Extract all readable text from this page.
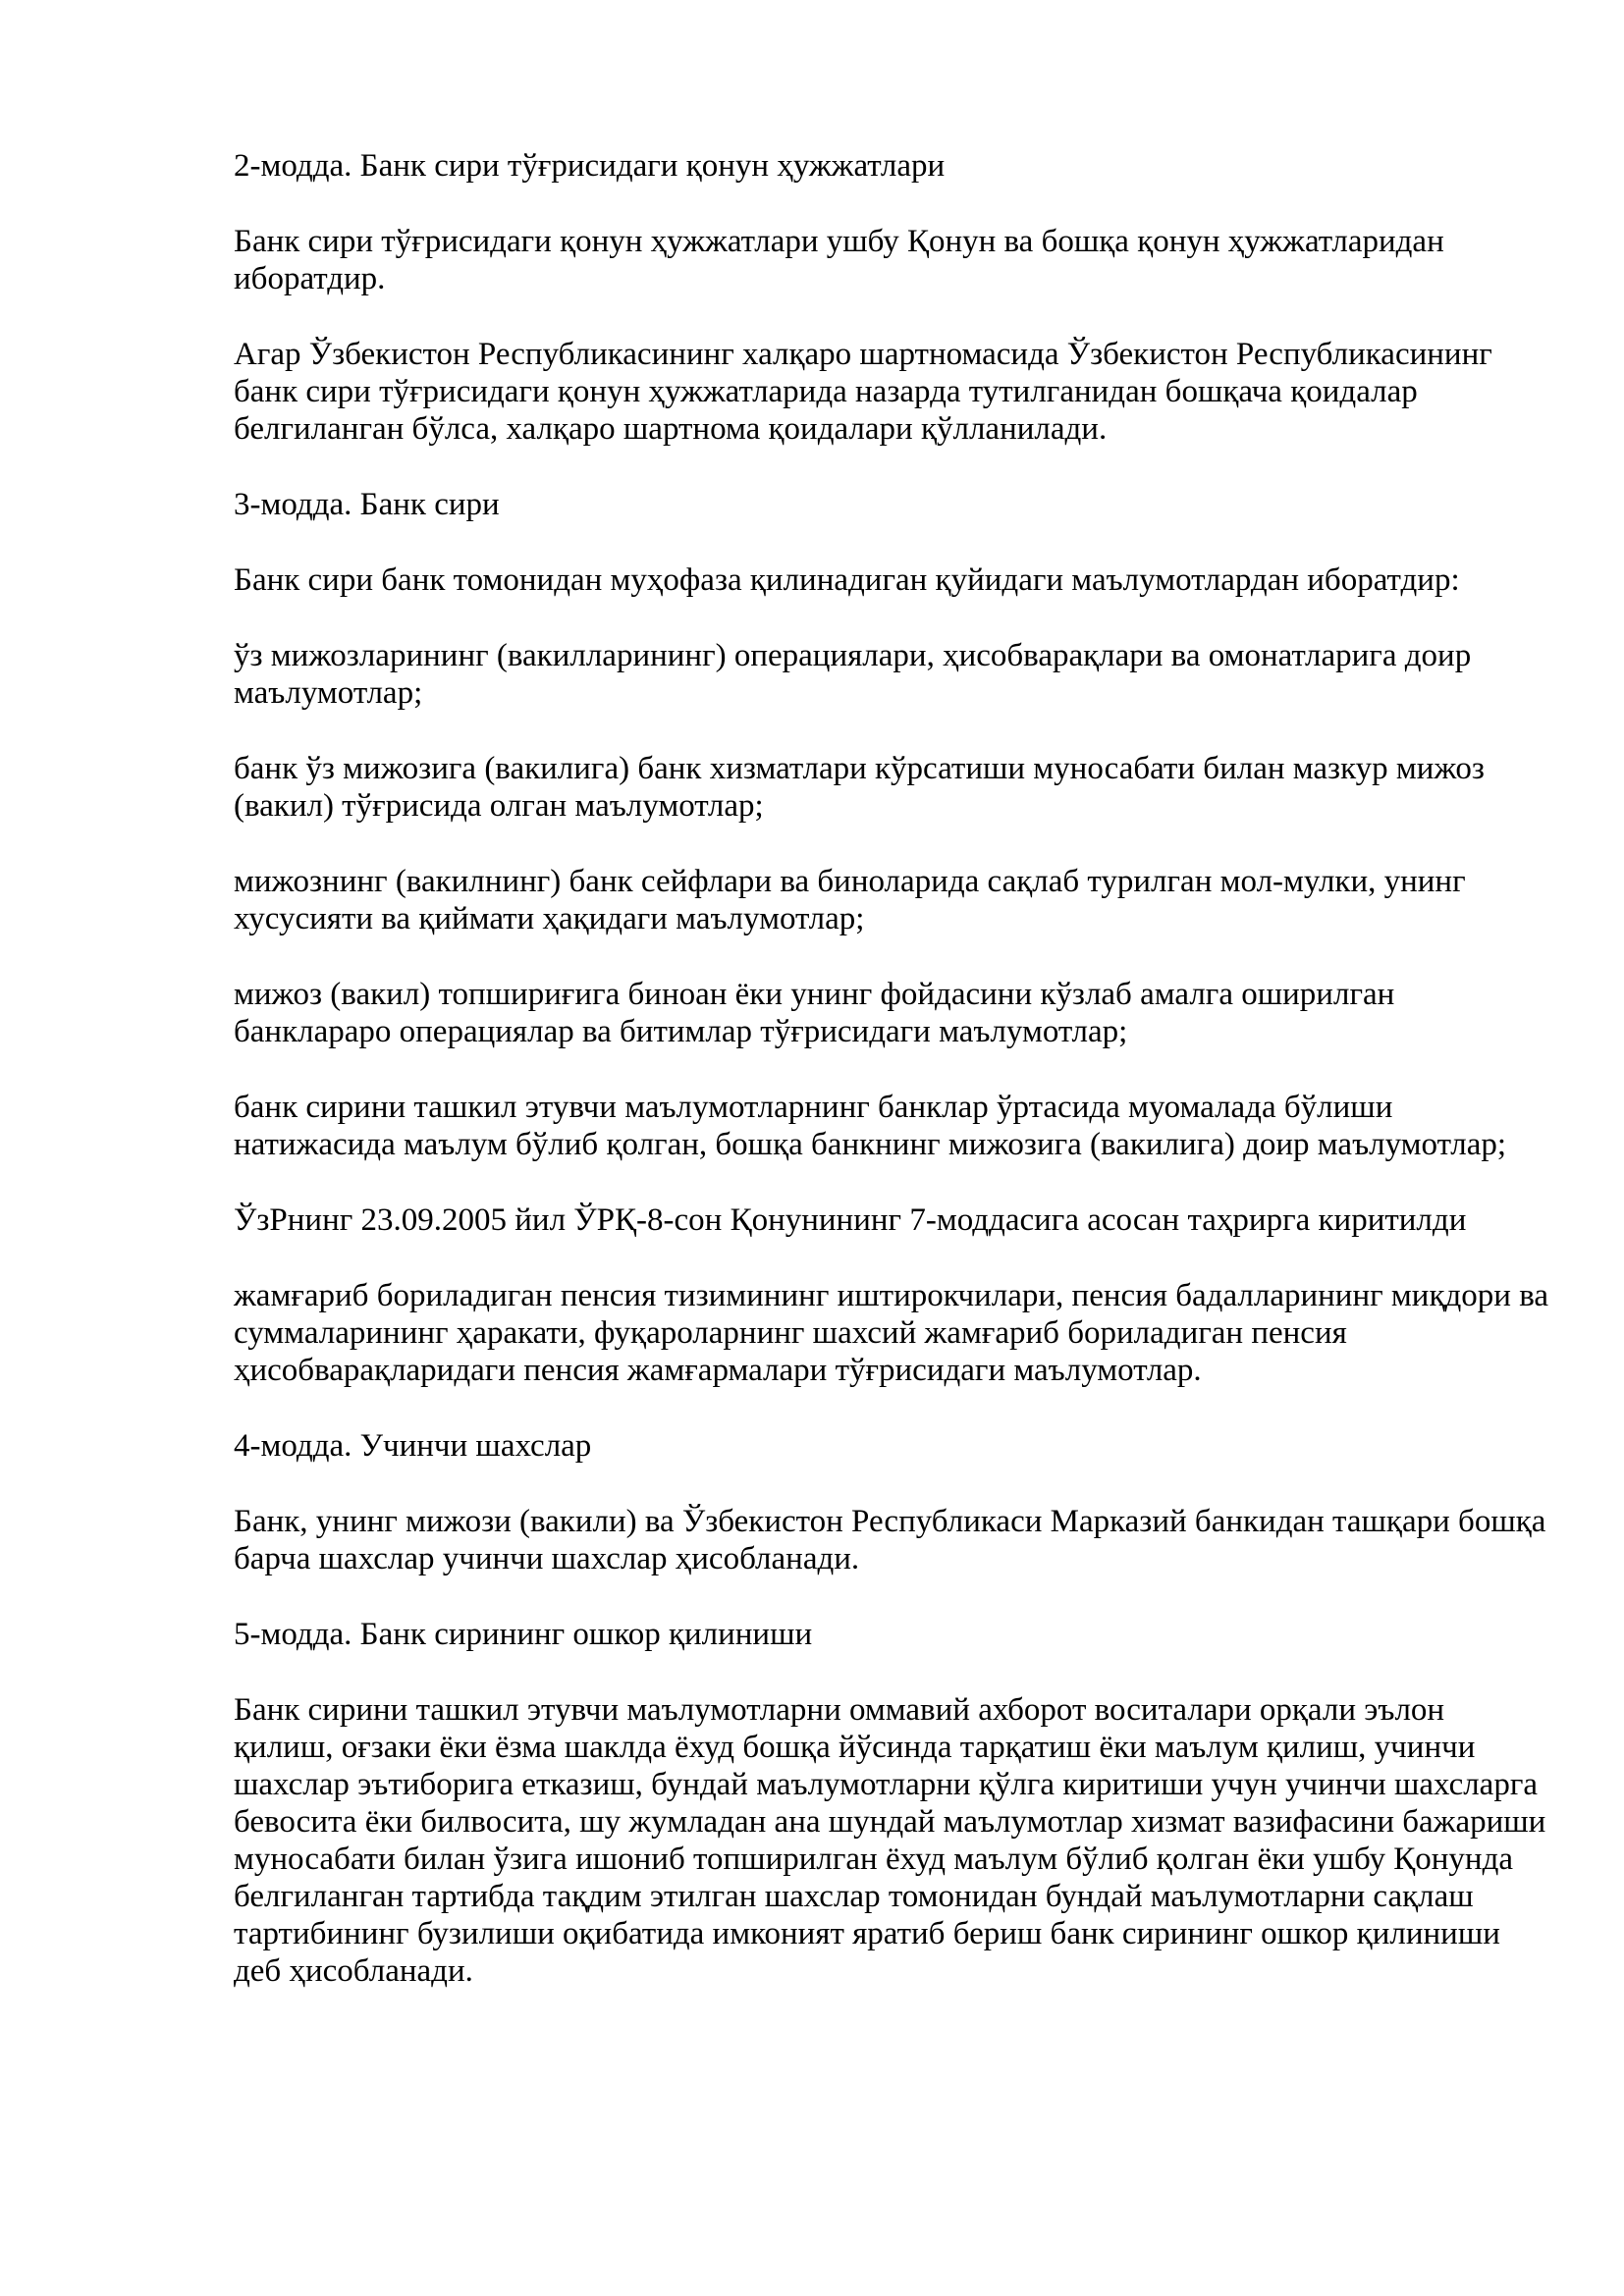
2-модда. Банк сири тўғрисидаги қонун ҳужжатлари

Банк сири тўғрисидаги қонун ҳужжатлари ушбу Қонун ва бошқа қонун ҳужжатларидан иборатдир.

Агар Ўзбекистон Республикасининг халқаро шартномасида Ўзбекистон Республикасининг банк сири тўғрисидаги қонун ҳужжатларида назарда тутилганидан бошқача қоидалар белгиланган бўлса, халқаро шартнома қоидалари қўлланилади.

3-модда. Банк сири

Банк сири банк томонидан муҳофаза қилинадиган қуйидаги маълумотлардан иборатдир:

ўз мижозларининг (вакилларининг) операциялари, ҳисобварақлари ва омонатларига доир маълумотлар;

банк ўз мижозига (вакилига) банк хизматлари кўрсатиши муносабати билан мазкур мижоз (вакил) тўғрисида олган маълумотлар;

мижознинг (вакилнинг) банк сейфлари ва биноларида сақлаб турилган мол-мулки, унинг хусусияти ва қиймати ҳақидаги маълумотлар;

мижоз (вакил) топшириғига биноан ёки унинг фойдасини кўзлаб амалга оширилган банклараро операциялар ва битимлар тўғрисидаги маълумотлар;

банк сирини ташкил этувчи маълумотларнинг банклар ўртасида муомалада бўлиши натижасида маълум бўлиб қолган, бошқа банкнинг мижозига (вакилига) доир маълумотлар;

ЎзРнинг 23.09.2005 йил ЎРҚ-8-сон Қонунининг 7-моддасига асосан таҳрирга киритилди

жамғариб бориладиган пенсия тизимининг иштирокчилари, пенсия бадалларининг миқдори ва суммаларининг ҳаракати, фуқароларнинг шахсий жамғариб бориладиган пенсия ҳисобварақларидаги пенсия жамғармалари тўғрисидаги маълумотлар.

4-модда. Учинчи шахслар

Банк, унинг мижози (вакили) ва Ўзбекистон Республикаси Марказий банкидан ташқари бошқа барча шахслар учинчи шахслар ҳисобланади.

5-модда. Банк сирининг ошкор қилиниши

Банк сирини ташкил этувчи маълумотларни оммавий ахборот воситалари орқали эълон қилиш, оғзаки ёки ёзма шаклда ёхуд бошқа йўсинда тарқатиш ёки маълум қилиш, учинчи шахслар эътиборига етказиш, бундай маълумотларни қўлга киритиши учун учинчи шахсларга бевосита ёки билвосита, шу жумладан ана шундай маълумотлар хизмат вазифасини бажариши муносабати билан ўзига ишониб топширилган ёхуд маълум бўлиб қолган ёки ушбу Қонунда белгиланган тартибда тақдим этилган шахслар томонидан бундай маълумотларни сақлаш тартибининг бузилиши оқибатида имконият яратиб бериш банк сирининг ошкор қилиниши деб ҳисобланади.
